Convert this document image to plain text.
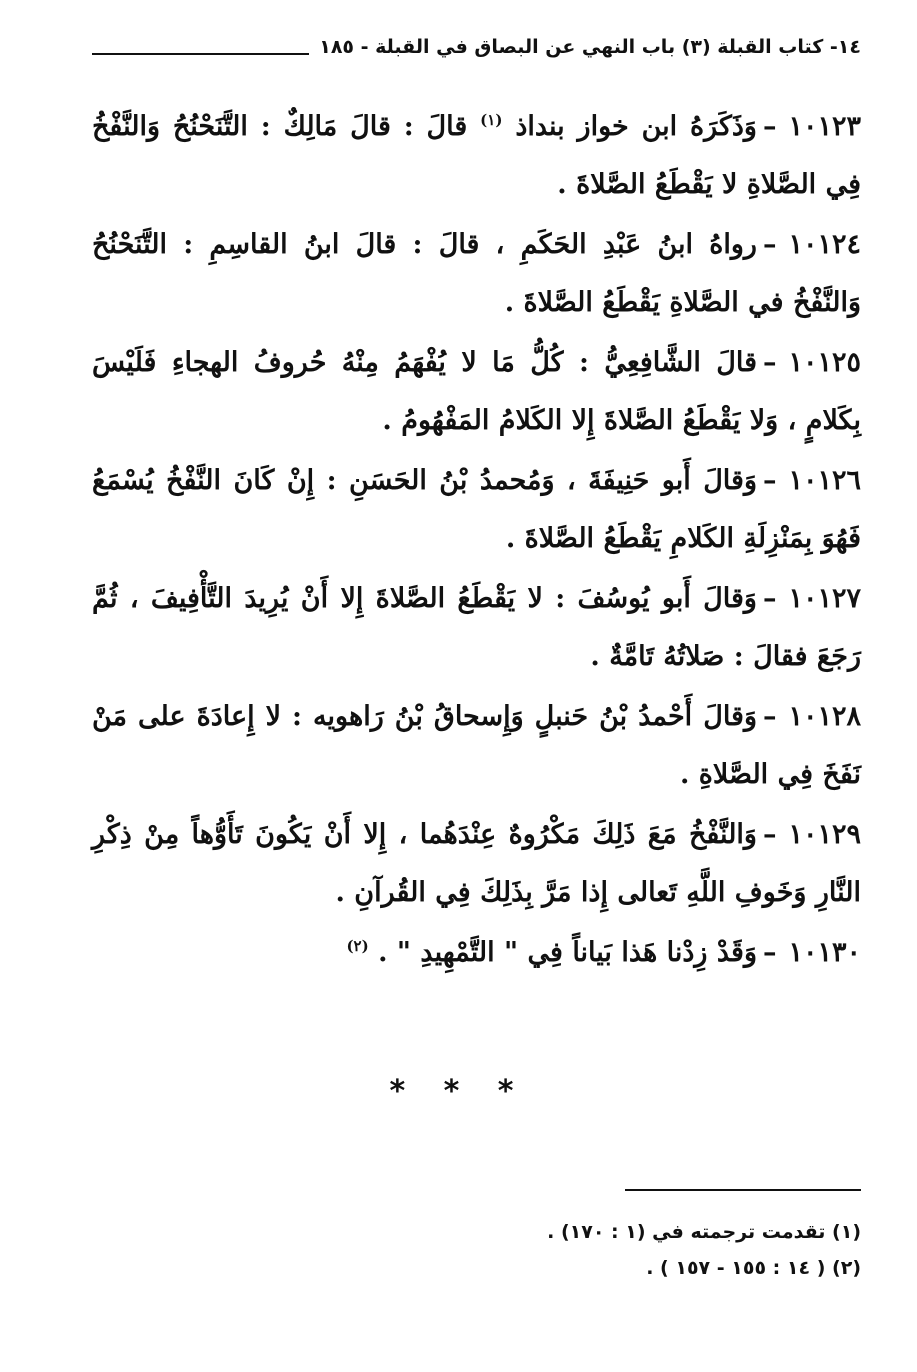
١٤- كتاب القبلة (٣) باب النهي عن البصاق في القبلة - ١٨٥

١٠١٢٣–وَذَكَرَهُ ابن خواز بنداذ $^{(١)}$ قالَ : قالَ مَالِكٌ : التَّنَحْنُحُ وَالنَّفْخُ فِي الصَّلاةِ لا يَقْطَعُ الصَّلاةَ .

١٠١٢٤–رواهُ ابنُ عَبْدِ الحَكَمِ ، قالَ : قالَ ابنُ القاسِمِ : التَّنَحْنُحُ وَالنَّفْخُ في الصَّلاةِ يَقْطَعُ الصَّلاةَ .

١٠١٢٥–قالَ الشَّافِعِيُّ : كُلُّ مَا لا يُفْهَمُ مِنْهُ حُروفُ الهجاءِ فَلَيْسَ بِكَلامٍ ، وَلا يَقْطَعُ الصَّلاةَ إِلا الكَلامُ المَفْهُومُ .

١٠١٢٦–وَقالَ أَبو حَنِيفَةَ ، وَمُحمدُ بْنُ الحَسَنِ : إِنْ كَانَ النَّفْخُ يُسْمَعُ فَهُوَ بِمَنْزِلَةِ الكَلامِ يَقْطَعُ الصَّلاةَ .

١٠١٢٧–وَقالَ أَبو يُوسُفَ : لا يَقْطَعُ الصَّلاةَ إِلا أَنْ يُرِيدَ التَّأْفِيفَ ، ثُمَّ رَجَعَ فقالَ : صَلاتُهُ تَامَّةٌ .

١٠١٢٨–وَقالَ أَحْمدُ بْنُ حَنبلٍ وَإِسحاقُ بْنُ رَاهويه : لا إِعادَةَ على مَنْ نَفَخَ فِي الصَّلاةِ .

١٠١٢٩–وَالنَّفْخُ مَعَ ذَلِكَ مَكْرُوهٌ عِنْدَهُما ، إِلا أَنْ يَكُونَ تَأَوُّهاً مِنْ ذِكْرِ النَّارِ وَخَوفِ اللَّهِ تَعالى إِذا مَرَّ بِذَلِكَ فِي القُرآنِ .

١٠١٣٠–وَقَدْ زِدْنا هَذا بَياناً فِي " التَّمْهِيدِ " . $^{(٢)}$

* * *

(١) تقدمت ترجمته في (١ : ١٧٠) .

(٢) ( ١٤ : ١٥٥ - ١٥٧ ) .
